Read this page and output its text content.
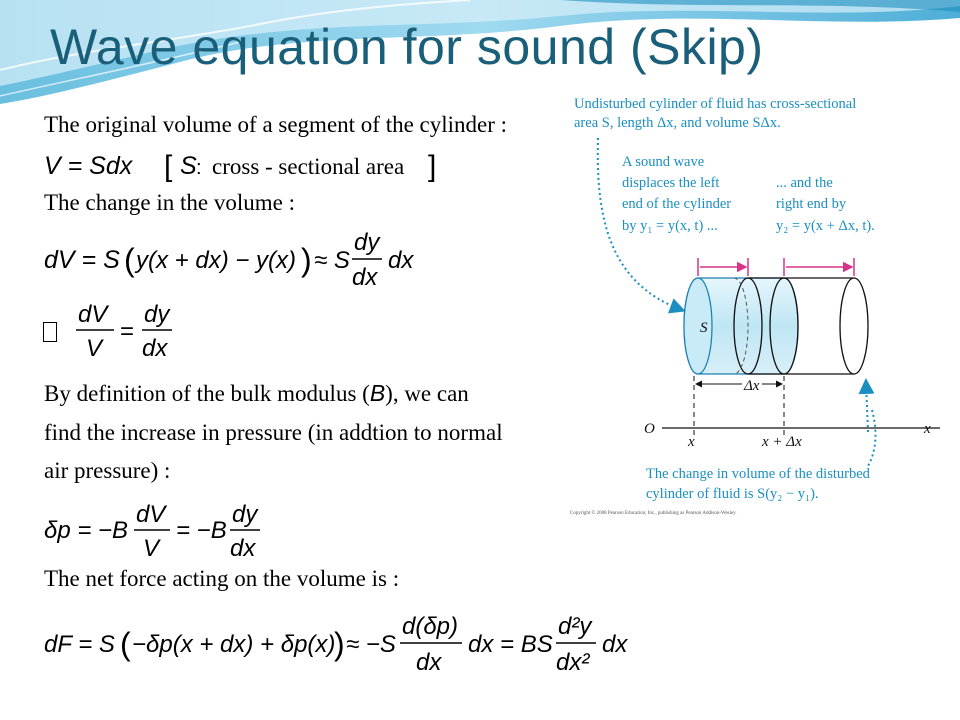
Wave equation for sound (Skip)
The original volume of a segment of the cylinder :
The change in the volume :
By definition of the bulk modulus (B), we can
find the increase in pressure (in addtion to normal
air pressure) :
The net force acting on the volume is :
V = Sdx [ S : cross - sectional area ]
dV = S ( y(x + dx) − y(x) ) ≈ S
dy
dx
dx
dV
V
=
dy
dx
δp = −B
dV
V
= −B
dy
dx
dF = S ( −δp(x + dx) + δp(x)
) ≈ −S
d(δp)
dx
dx = BS
d²y
dx²
dx
Undisturbed cylinder of fluid has cross-sectional
area S, length Δx, and volume SΔx.
A sound wave
displaces the left
end of the cylinder
by y₁ = y(x, t) ...
... and the
right end by
y₂ = y(x + Δx, t).
S
Δx
O	x
x	x + Δx
The change in volume of the disturbed
cylinder of fluid is S(y₂ − y₁).
Copyright © 2008 Pearson Education, Inc., publishing as Pearson Addison-Wesley.
